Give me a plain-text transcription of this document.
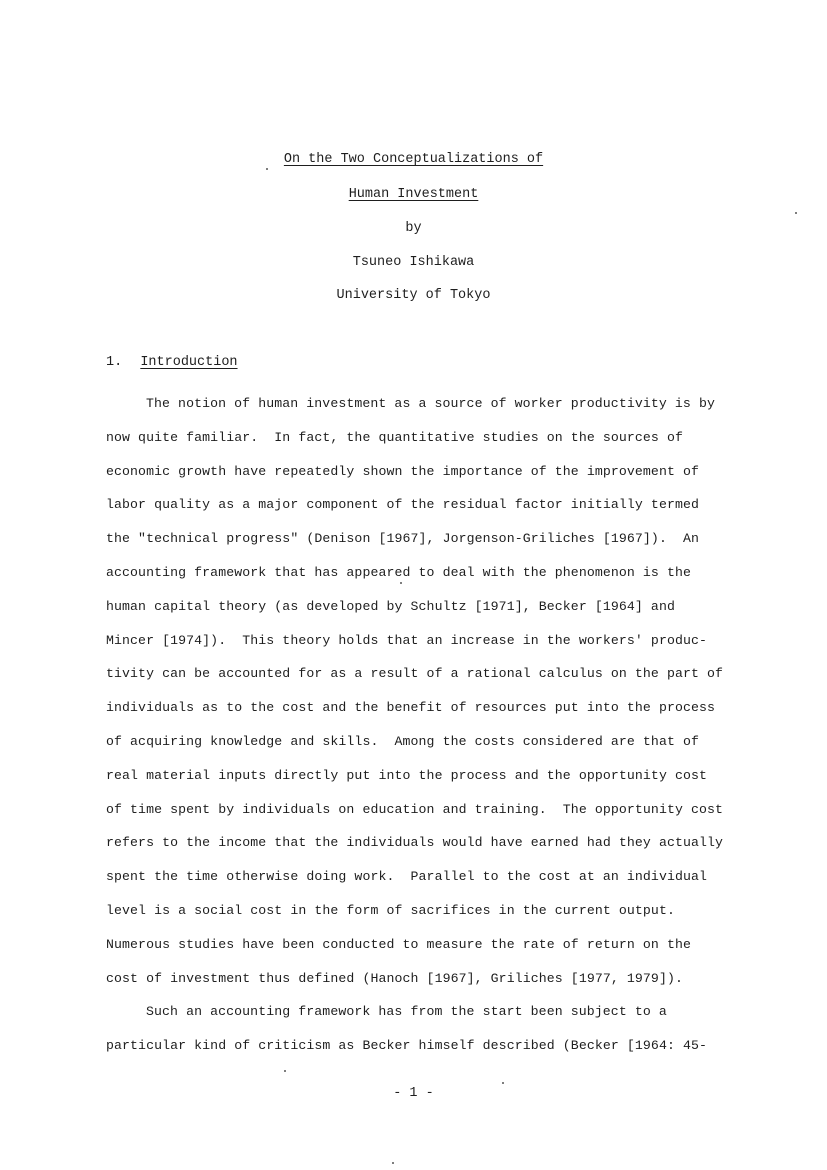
On the Two Conceptualizations of
Human Investment
by
Tsuneo Ishikawa
University of Tokyo
1. Introduction
The notion of human investment as a source of worker productivity is by
now quite familiar.  In fact, the quantitative studies on the sources of
economic growth have repeatedly shown the importance of the improvement of
labor quality as a major component of the residual factor initially termed
the "technical progress" (Denison [1967], Jorgenson-Griliches [1967]).  An
accounting framework that has appeared to deal with the phenomenon is the
human capital theory (as developed by Schultz [1971], Becker [1964] and
Mincer [1974]).  This theory holds that an increase in the workers' produc-
tivity can be accounted for as a result of a rational calculus on the part of
individuals as to the cost and the benefit of resources put into the process
of acquiring knowledge and skills.  Among the costs considered are that of
real material inputs directly put into the process and the opportunity cost
of time spent by individuals on education and training.  The opportunity cost
refers to the income that the individuals would have earned had they actually
spent the time otherwise doing work.  Parallel to the cost at an individual
level is a social cost in the form of sacrifices in the current output.
Numerous studies have been conducted to measure the rate of return on the
cost of investment thus defined (Hanoch [1967], Griliches [1977, 1979]).
Such an accounting framework has from the start been subject to a
particular kind of criticism as Becker himself described (Becker [1964: 45-
- 1 -
